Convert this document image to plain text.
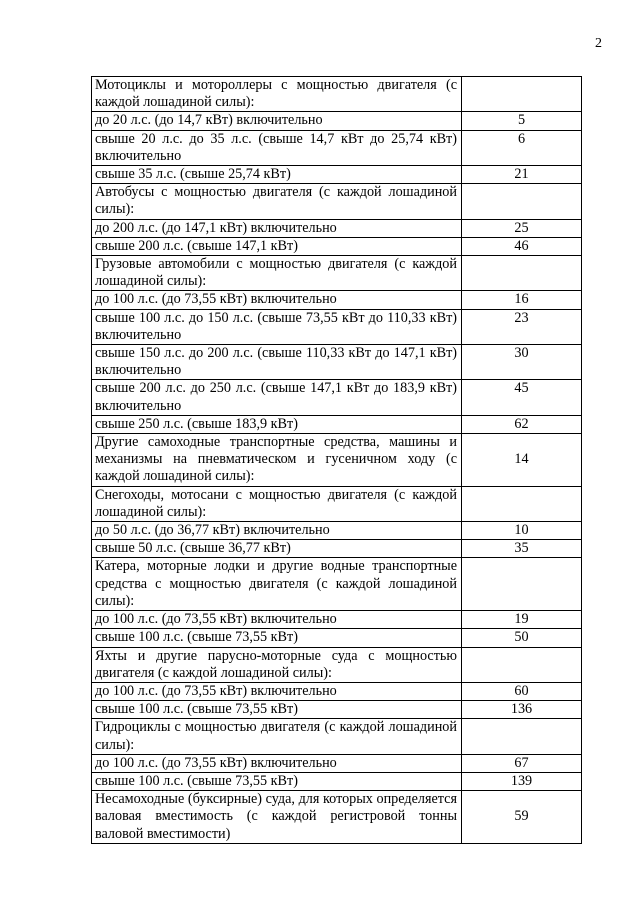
2
Мотоциклы и мотороллеры с мощностью двигателя (с каждой лошадиной силы):	
до 20 л.с. (до 14,7 кВт) включительно	5
свыше 20 л.с. до 35 л.с. (свыше 14,7 кВт до 25,74 кВт) включительно	6
свыше 35 л.с. (свыше 25,74 кВт)	21
Автобусы с мощностью двигателя (с каждой лошадиной силы):	
до 200 л.с. (до 147,1 кВт) включительно	25
свыше 200 л.с. (свыше 147,1 кВт)	46
Грузовые автомобили с мощностью двигателя (с каждой лошадиной силы):	
до 100 л.с. (до 73,55 кВт) включительно	16
свыше 100 л.с. до 150 л.с. (свыше 73,55 кВт до 110,33 кВт) включительно	23
свыше 150 л.с. до 200 л.с. (свыше 110,33 кВт до 147,1 кВт) включительно	30
свыше 200 л.с. до 250 л.с. (свыше 147,1 кВт до 183,9 кВт) включительно	45
свыше 250 л.с. (свыше 183,9 кВт)	62
Другие самоходные транспортные средства, машины и механизмы на пневматическом и гусеничном ходу (с каждой лошадиной силы):	14
Снегоходы, мотосани с мощностью двигателя (с каждой лошадиной силы):	
до 50 л.с. (до 36,77 кВт) включительно	10
свыше 50 л.с. (свыше 36,77 кВт)	35
Катера, моторные лодки и другие водные транспортные средства с мощностью двигателя (с каждой лошадиной силы):	
до 100 л.с. (до 73,55 кВт) включительно	19
свыше 100 л.с. (свыше 73,55 кВт)	50
Яхты и другие парусно-моторные суда с мощностью двигателя (с каждой лошадиной силы):	
до 100 л.с. (до 73,55 кВт) включительно	60
свыше 100 л.с. (свыше 73,55 кВт)	136
Гидроциклы с мощностью двигателя (с каждой лошадиной силы):	
до 100 л.с. (до 73,55 кВт) включительно	67
свыше 100 л.с. (свыше 73,55 кВт)	139
Несамоходные (буксирные) суда, для которых определяется валовая вместимость (с каждой регистровой тонны валовой вместимости)	59
